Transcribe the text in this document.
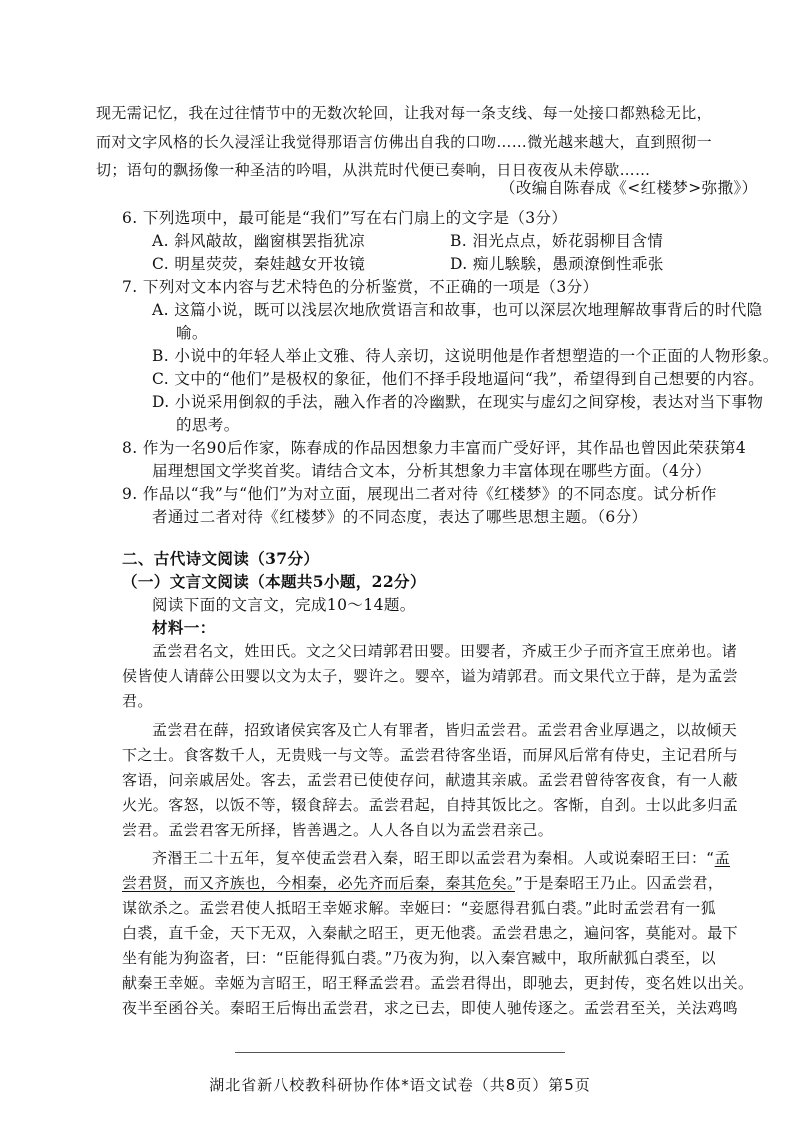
现无需记忆，我在过往情节中的无数次轮回，让我对每一条支线、每一处接口都熟稔无比，
而对文字风格的长久浸淫让我觉得那语言仿佛出自我的口吻……微光越来越大，直到照彻一
切；语句的飘扬像一种圣洁的吟唱，从洪荒时代便已奏响，日日夜夜从未停歇……
（改编自陈春成《<红楼梦>弥撒》）
6. 下列选项中，最可能是“我们”写在右门扇上的文字是（3分）
A. 斜风敲故，幽窗棋罢指犹凉	B. 泪光点点，娇花弱柳目含情
C. 明星荧荧，秦娃越女开妆镜	D. 痴儿騃騃，愚顽潦倒性乖张
7. 下列对文本内容与艺术特色的分析鉴赏，不正确的一项是（3分）
A. 这篇小说，既可以浅层次地欣赏语言和故事，也可以深层次地理解故事背后的时代隐
喻。
B. 小说中的年轻人举止文雅、待人亲切，这说明他是作者想塑造的一个正面的人物形象。
C. 文中的“他们”是极权的象征，他们不择手段地逼问“我”，希望得到自己想要的内容。
D. 小说采用倒叙的手法，融入作者的冷幽默，在现实与虚幻之间穿梭，表达对当下事物
的思考。
8. 作为一名90后作家，陈春成的作品因想象力丰富而广受好评，其作品也曾因此荣获第4
届理想国文学奖首奖。请结合文本，分析其想象力丰富体现在哪些方面。（4分）
9. 作品以“我”与“他们”为对立面，展现出二者对待《红楼梦》的不同态度。试分析作
者通过二者对待《红楼梦》的不同态度，表达了哪些思想主题。（6分）
二、古代诗文阅读（37分）
（一）文言文阅读（本题共5小题，22分）
阅读下面的文言文，完成10～14题。
材料一：
孟尝君名文，姓田氏。文之父曰靖郭君田婴。田婴者，齐威王少子而齐宣王庶弟也。诸
侯皆使人请薛公田婴以文为太子，婴许之。婴卒，谥为靖郭君。而文果代立于薛，是为孟尝
君。
孟尝君在薛，招致诸侯宾客及亡人有罪者，皆归孟尝君。孟尝君舍业厚遇之，以故倾天
下之士。食客数千人，无贵贱一与文等。孟尝君待客坐语，而屏风后常有侍史，主记君所与
客语，问亲戚居处。客去，孟尝君已使使存问，献遗其亲戚。孟尝君曾待客夜食，有一人蔽
火光。客怒，以饭不等，辍食辞去。孟尝君起，自持其饭比之。客惭，自刭。士以此多归孟
尝君。孟尝君客无所择，皆善遇之。人人各自以为孟尝君亲己。
齐湣王二十五年，复卒使孟尝君入秦，昭王即以孟尝君为秦相。人或说秦昭王曰：“孟
尝君贤，而又齐族也，今相秦，必先齐而后秦，秦其危矣。”于是秦昭王乃止。囚孟尝君，
谋欲杀之。孟尝君使人抵昭王幸姬求解。幸姬曰：“妾愿得君狐白裘。”此时孟尝君有一狐
白裘，直千金，天下无双，入秦献之昭王，更无他裘。孟尝君患之，遍问客，莫能对。最下
坐有能为狗盗者，曰：“臣能得狐白裘。”乃夜为狗，以入秦宫臧中，取所献狐白裘至，以
献秦王幸姬。幸姬为言昭王，昭王释孟尝君。孟尝君得出，即驰去，更封传，变名姓以出关。
夜半至函谷关。秦昭王后悔出孟尝君，求之已去，即使人驰传逐之。孟尝君至关，关法鸡鸣
湖北省新八校教科研协作体*语文试卷（共8页）第5页
